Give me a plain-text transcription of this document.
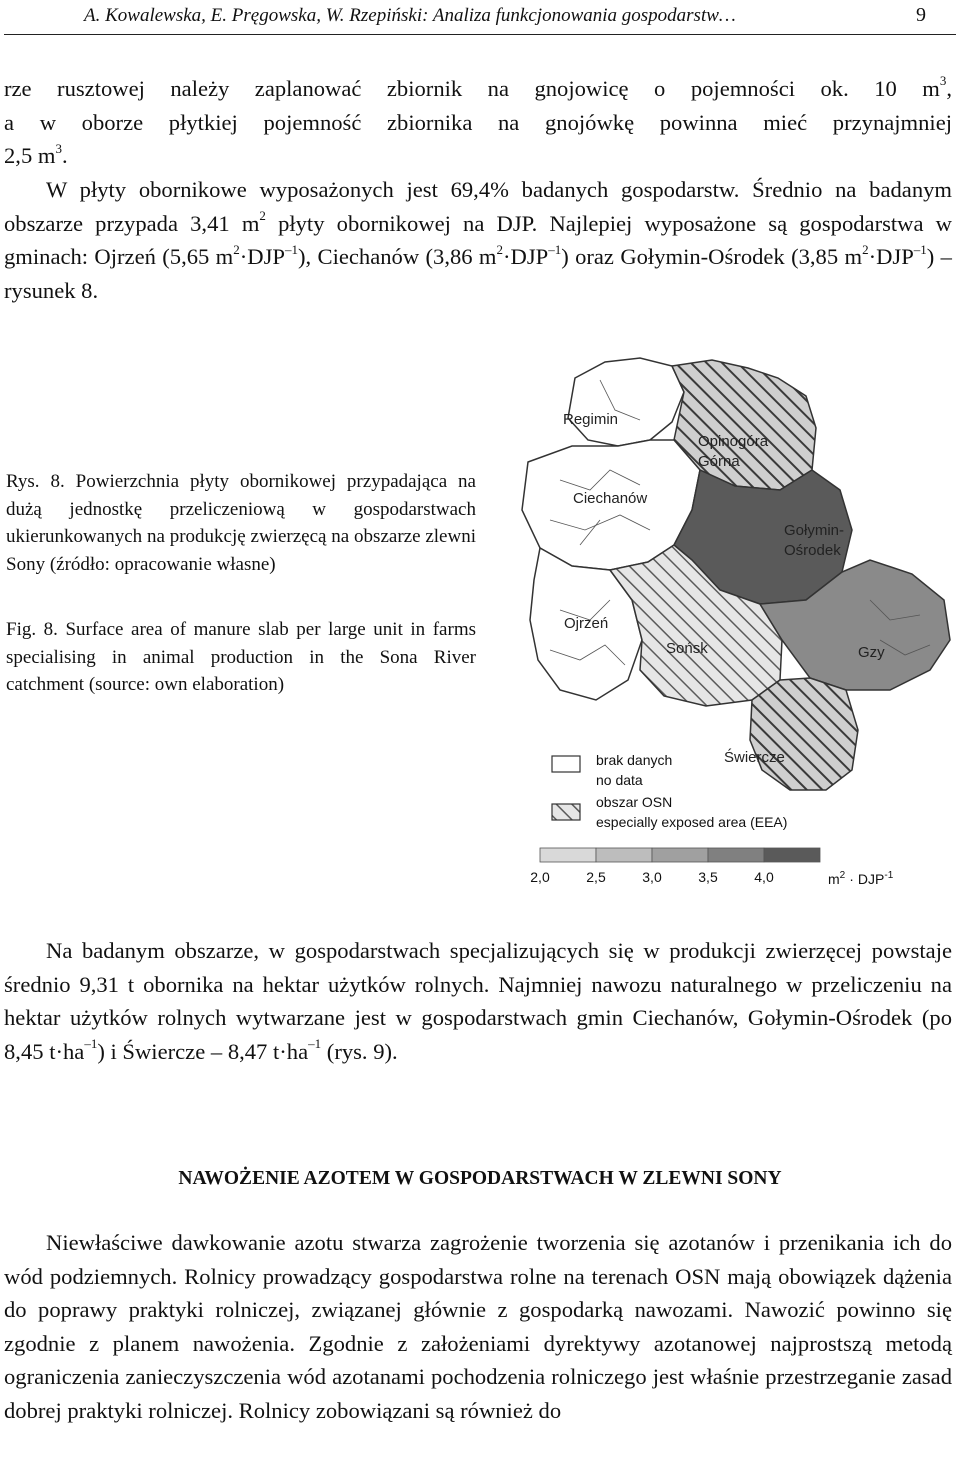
A. Kowalewska, E. Pręgowska, W. Rzepiński: Analiza funkcjonowania gospodarstw…	9
rze rusztowej należy zaplanować zbiornik na gnojowicę o pojemności ok. 10 $m^3$,
a w oborze płytkiej pojemność zbiornika na gnojówkę powinna mieć przynajmniej
2,5 $m^3$.

W płyty obornikowe wyposażonych jest 69,4% badanych gospodarstw. Średnio na badanym obszarze przypada 3,41 $m^2$ płyty obornikowej na DJP. Najlepiej wyposażone są gospodarstwa w gminach: Ojrzeń (5,65 $m^2\cdot DJP^{-1}$), Ciechanów (3,86 $m^2\cdot DJP^{-1}$) oraz Gołymin-Ośrodek (3,85 $m^2\cdot DJP^{-1}$) – rysunek 8.

Rys. 8. Powierzchnia płyty obornikowej przypadająca na dużą jednostkę przeliczeniową w gospodarstwach ukierunkowanych na produkcję zwierzęcą na obszarze zlewni Sony (źródło: opracowanie własne)

Fig. 8. Surface area of manure slab per large unit in farms specialising in animal production in the Sona River catchment (source: own elaboration)

Regimin
Opinogóra
Górna
Ciechanów
Gołymin-
Ośrodek
Ojrzeń
Sońsk	Gzy
Świercze
brak danych
no data
obszar OSN
especially exposed area (EEA)
2,0	2,5	3,0	3,5	4,0	$m^2 \cdot DJP^{-1}$

Na badanym obszarze, w gospodarstwach specjalizujących się w produkcji zwierzęcej powstaje średnio 9,31 t obornika na hektar użytków rolnych. Najmniej nawozu naturalnego w przeliczeniu na hektar użytków rolnych wytwarzane jest w gospodarstwach gmin Ciechanów, Gołymin-Ośrodek (po 8,45 $t\cdot ha^{-1}$) i Świercze – 8,47 $t\cdot ha^{-1}$ (rys. 9).

NAWOŻENIE AZOTEM W GOSPODARSTWACH W ZLEWNI SONY

Niewłaściwe dawkowanie azotu stwarza zagrożenie tworzenia się azotanów i przenikania ich do wód podziemnych. Rolnicy prowadzący gospodarstwa rolne na terenach OSN mają obowiązek dążenia do poprawy praktyki rolniczej, związanej głównie z gospodarką nawozami. Nawozić powinno się zgodnie z planem nawożenia. Zgodnie z założeniami dyrektywy azotanowej najprostszą metodą ograniczenia zanieczyszczenia wód azotanami pochodzenia rolniczego jest właśnie przestrzeganie zasad dobrej praktyki rolniczej. Rolnicy zobowiązani są również do
